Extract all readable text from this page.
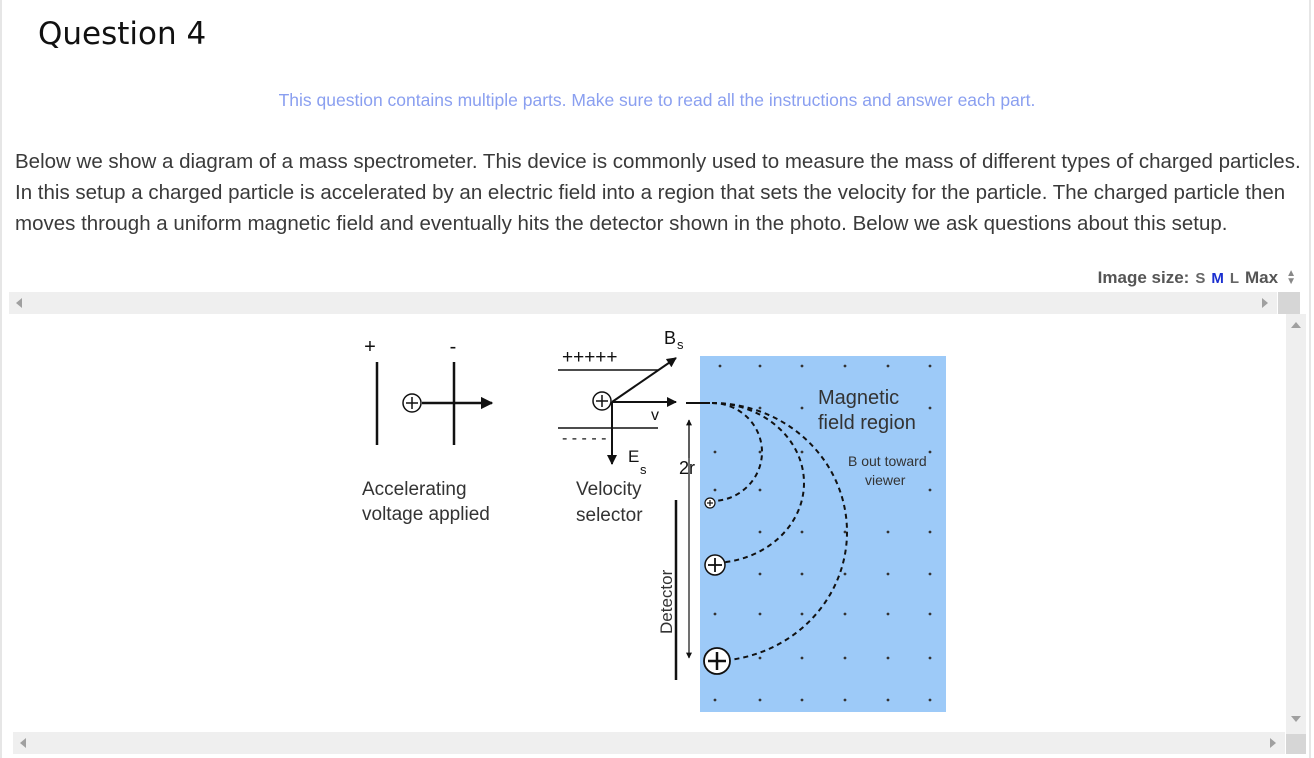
Question 4
This question contains multiple parts. Make sure to read all the instructions and answer each part.

Below we show a diagram of a mass spectrometer. This device is commonly used to measure the mass of different types of charged particles. In this setup a charged particle is accelerated by an electric field into a region that sets the velocity for the particle. The charged particle then moves through a uniform magnetic field and eventually hits the detector shown in the photo. Below we ask questions about this setup.

Image size: S M L Max ▲
▼
+	-
Accelerating
voltage applied
+++++
- - - - -
B s
v
E
s
Velocity
selector
Magnetic
field region
B out toward
viewer
2r
Detector
